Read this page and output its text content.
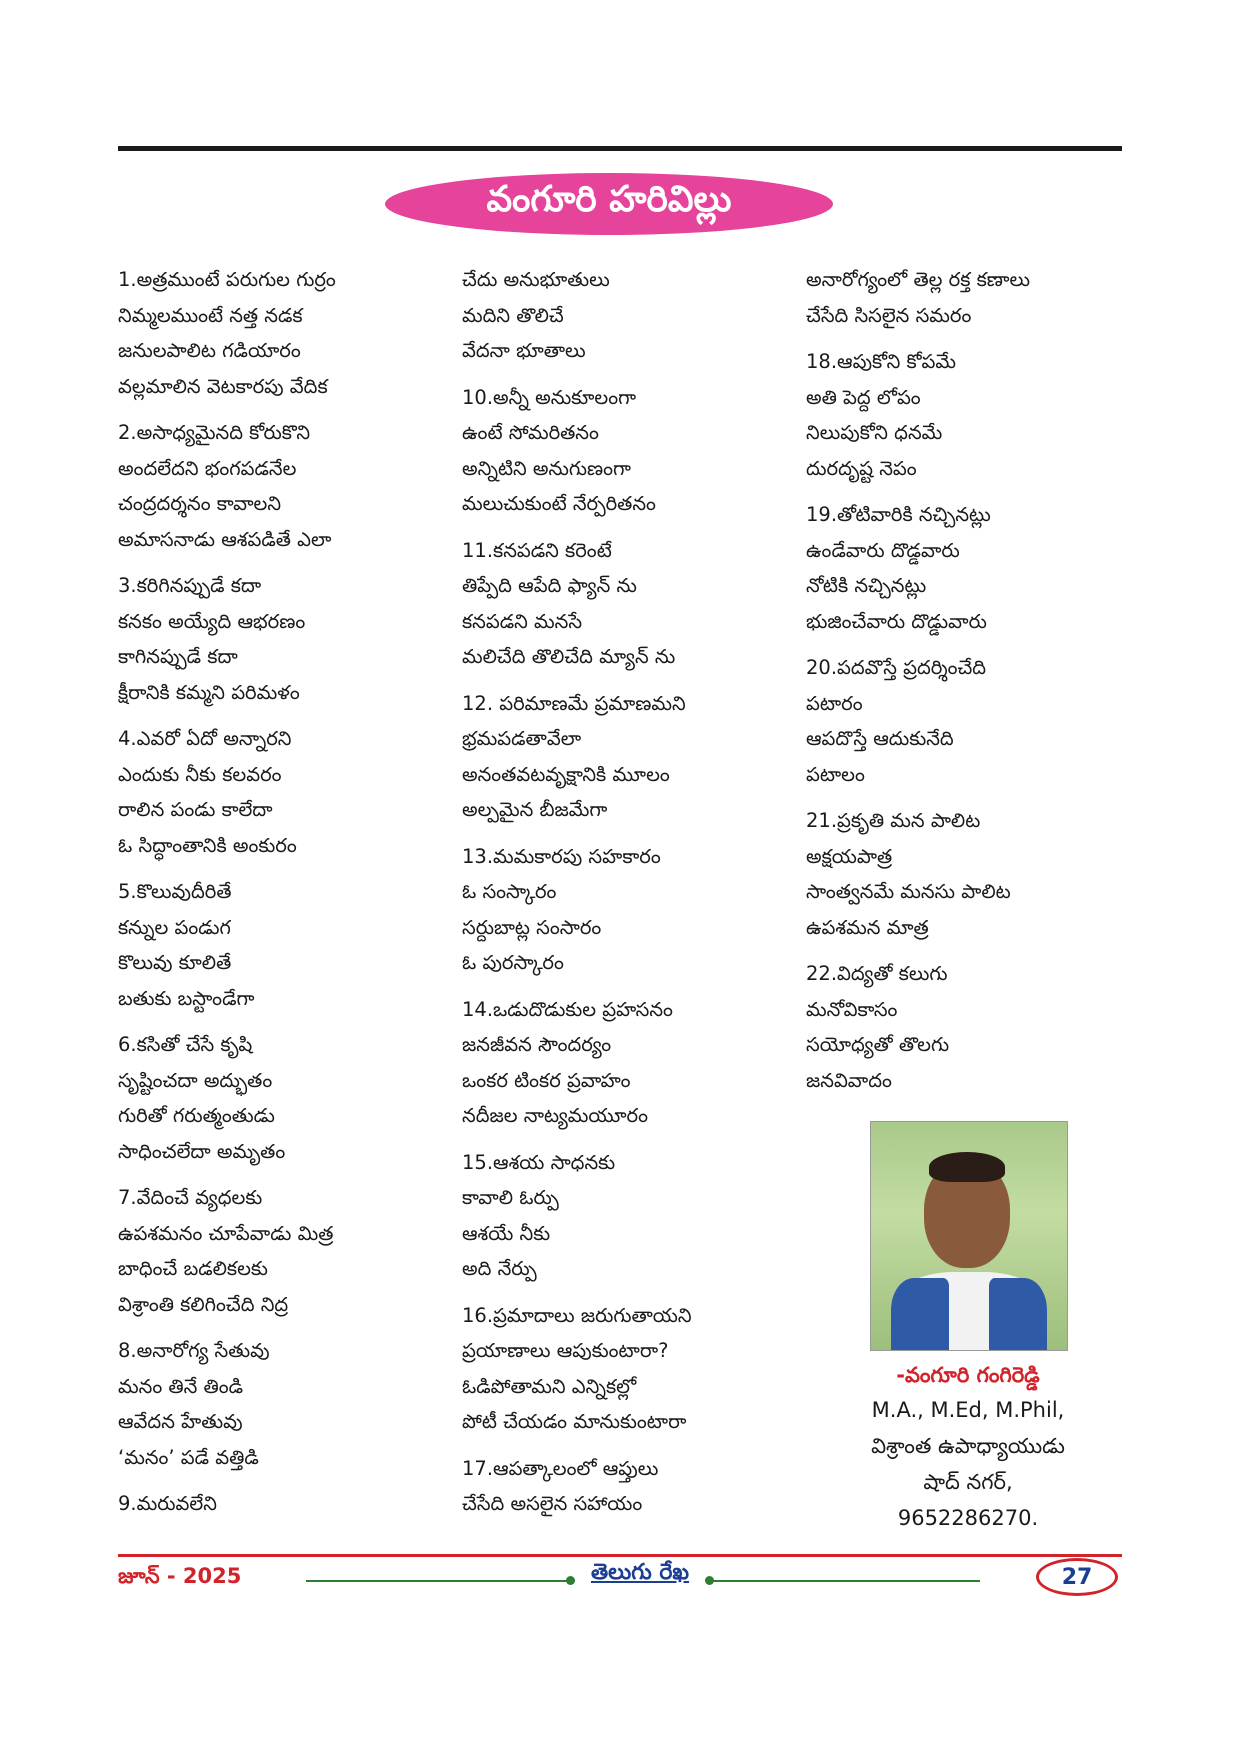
వంగూరి హరివిల్లు
1.అత్రముంటే పరుగుల గుర్రం
నిమ్మలముంటే నత్త నడక
జనులపాలిట గడియారం
వల్లమాలిన వెటకారపు వేదిక
2.అసాధ్యమైనది కోరుకొని
అందలేదని భంగపడనేల
చంద్రదర్శనం కావాలని
అమాసనాడు ఆశపడితే ఎలా
3.కరిగినప్పుడే కదా
కనకం అయ్యేది ఆభరణం
కాగినప్పుడే కదా
క్షీరానికి కమ్మని పరిమళం
4.ఎవరో ఏదో అన్నారని
ఎందుకు నీకు కలవరం
రాలిన పండు కాలేదా
ఓ సిద్ధాంతానికి అంకురం
5.కొలువుదీరితే
కన్నుల పండుగ
కొలువు కూలితే
బతుకు బస్టాండేగా
6.కసితో చేసే కృషి
సృష్టించదా అద్భుతం
గురితో గరుత్మంతుడు
సాధించలేదా అమృతం
7.వేదించే వ్యధలకు
ఉపశమనం చూపేవాడు మిత్ర
బాధించే బడలికలకు
విశ్రాంతి కలిగించేది నిద్ర
8.అనారోగ్య సేతువు
మనం తినే తిండి
ఆవేదన హేతువు
‘మనం’ పడే వత్తిడి
9.మరువలేని
చేదు అనుభూతులు
మదిని తొలిచే
వేదనా భూతాలు
10.అన్నీ అనుకూలంగా
ఉంటే సోమరితనం
అన్నిటిని అనుగుణంగా
మలుచుకుంటే నేర్పరితనం
11.కనపడని కరెంటే
తిప్పేది ఆపేది ఫ్యాన్ ను
కనపడని మనసే
మలిచేది తొలిచేది మ్యాన్ ను
12. పరిమాణమే ప్రమాణమని
భ్రమపడతావేలా
అనంతవటవృక్షానికి మూలం
అల్పమైన బీజమేగా
13.మమకారపు సహకారం
ఓ సంస్కారం
సర్దుబాట్ల సంసారం
ఓ పురస్కారం
14.ఒడుదొడుకుల ప్రహసనం
జనజీవన సౌందర్యం
ఒంకర టింకర ప్రవాహం
నదీజల నాట్యమయూరం
15.ఆశయ సాధనకు
కావాలి ఓర్పు
ఆశయే నీకు
అది నేర్పు
16.ప్రమాదాలు జరుగుతాయని
ప్రయాణాలు ఆపుకుంటారా?
ఓడిపోతామని ఎన్నికల్లో
పోటీ చేయడం మానుకుంటారా
17.ఆపత్కాలంలో ఆప్తులు
చేసేది అసలైన సహాయం
అనారోగ్యంలో తెల్ల రక్త కణాలు
చేసేది సిసలైన సమరం
18.ఆపుకోని కోపమే
అతి పెద్ద లోపం
నిలుపుకోని ధనమే
దురదృష్ట నెపం
19.తోటివారికి నచ్చినట్లు
ఉండేవారు దొడ్డవారు
నోటికి నచ్చినట్లు
భుజించేవారు దొడ్డువారు
20.పదవొస్తే ప్రదర్శించేది
పటారం
ఆపదొస్తే ఆదుకునేది
పటాలం
21.ప్రకృతి మన పాలిట
అక్షయపాత్ర
సాంత్వనమే మనసు పాలిట
ఉపశమన మాత్ర
22.విద్యతో కలుగు
మనోవికాసం
సయోధ్యతో తొలగు
జనవివాదం
-వంగూరి గంగిరెడ్డి
M.A., M.Ed, M.Phil,
విశ్రాంత ఉపాధ్యాయుడు
షాద్ నగర్,
9652286270.
జూన్ - 2025	తెలుగు రేఖ	27
